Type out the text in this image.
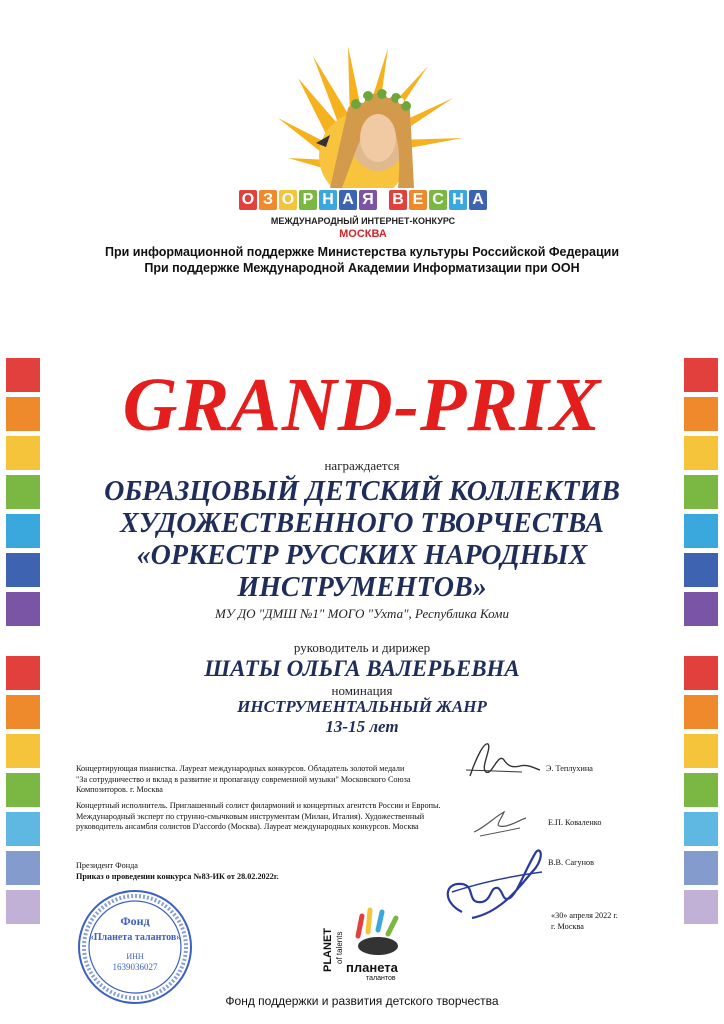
О З О Р Н А Я В Е С Н А
МЕЖДУНАРОДНЫЙ ИНТЕРНЕТ-КОНКУРС
МОСКВА
При информационной поддержке Министерства культуры Российской Федерации
При поддержке Международной Академии Информатизации при ООН
GRAND-PRIX
награждается
ОБРАЗЦОВЫЙ ДЕТСКИЙ КОЛЛЕКТИВ
ХУДОЖЕСТВЕННОГО ТВОРЧЕСТВА
«ОРКЕСТР РУССКИХ НАРОДНЫХ
ИНСТРУМЕНТОВ»
МУ ДО "ДМШ №1" МОГО "Ухта", Республика Коми
руководитель и дирижер
ШАТЫ ОЛЬГА ВАЛЕРЬЕВНА
номинация
ИНСТРУМЕНТАЛЬНЫЙ ЖАНР
13-15 лет
Концертирующая пианистка. Лауреат международных конкурсов. Обладатель золотой медали
"За сотрудничество и вклад в развитие и пропаганду современной музыки" Московского Союза
Композиторов. г. Москва
Э. Теплухина
Концертный исполнитель. Приглашенный солист филармоний и концертных агентств России и Европы.
Международный эксперт по струнно-смычковым инструментам (Милан, Италия). Художественный
руководитель ансамбля солистов D'accordo (Москва). Лауреат международных конкурсов. Москва	Е.П. Коваленко
Президент Фонда
Приказ о проведении конкурса №83-ИК от 28.02.2022г.
В.В. Сагунов
«30» апреля 2022 г.
г. Москва
Фонд
«Планета талантов»
ИНН
1639036027	PLANET of talents
планета
талантов
Фонд поддержки и развития детского творчества
